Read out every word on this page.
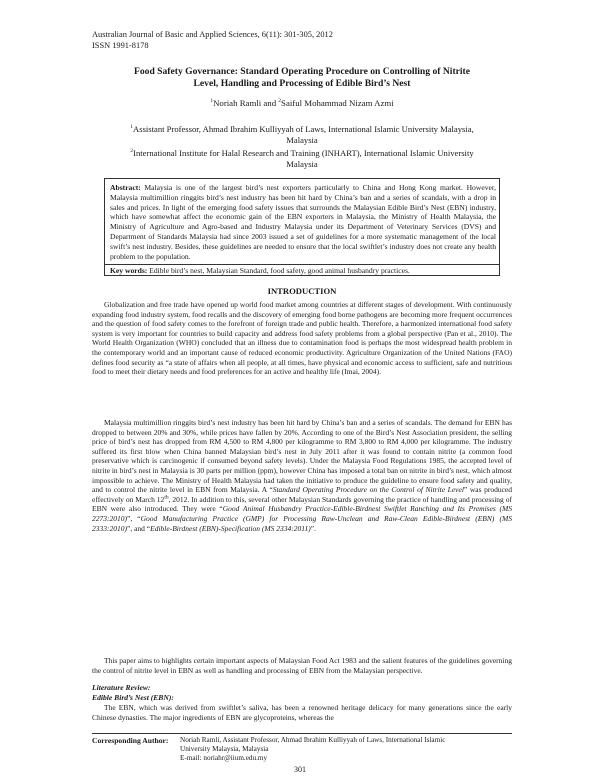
Australian Journal of Basic and Applied Sciences, 6(11): 301-305, 2012
ISSN 1991-8178
Food Safety Governance: Standard Operating Procedure on Controlling of Nitrite
Level, Handling and Processing of Edible Bird’s Nest
$^1$Noriah Ramli and $^2$Saiful Mohammad Nizam Azmi
$^1$Assistant Professor, Ahmad Ibrahim Kulliyyah of Laws, International Islamic University Malaysia,
Malaysia
$^2$International Institute for Halal Research and Training (INHART), International Islamic University
Malaysia
Abstract: Malaysia is one of the largest bird’s nest exporters particularly to China and Hong Kong market. However, Malaysia multimillion ringgits bird’s nest industry has been hit hard by China’s ban and a series of scandals, with a drop in sales and prices. In light of the emerging food safety issues that surrounds the Malaysian Edible Bird’s Nest (EBN) industry, which have somewhat affect the economic gain of the EBN exporters in Malaysia, the Ministry of Health Malaysia, the Ministry of Agriculture and Agro-based and Industry Malaysia under its Department of Veterinary Services (DVS) and Department of Standards Malaysia had since 2003 issued a set of guidelines for a more systematic management of the local swift’s nest industry. Besides, these guidelines are needed to ensure that the local swiftlet’s industry does not create any health problem to the population.
Key words: Edible bird’s nest, Malaysian Standard, food safety, good animal husbandry practices.
INTRODUCTION
Globalization and free trade have opened up world food market among countries at different stages of development. With continuously expanding food industry system, food recalls and the discovery of emerging food borne pathogens are becoming more frequent occurrences and the question of food safety comes to the forefront of foreign trade and public health. Therefore, a harmonized international food safety system is very important for countries to build capacity and address food safety problems from a global perspective (Pan et al., 2010). The World Health Organization (WHO) concluded that an illness due to contamination food is perhaps the most widespread health problem in the contemporary world and an important cause of reduced economic productivity. Agriculture Organization of the United Nations (FAO) defines food security as “a state of affairs when all people, at all times, have physical and economic access to sufficient, safe and nutritious food to meet their dietary needs and food preferences for an active and healthy life (Imai, 2004).
Malaysia multimillion ringgits bird’s nest industry has been hit hard by China’s ban and a series of scandals. The demand for EBN has dropped to between 20% and 30%, while prices have fallen by 20%. According to one of the Bird’s Nest Association president, the selling price of bird’s nest has dropped from RM 4,500 to RM 4,800 per kilogramme to RM 3,800 to RM 4,000 per kilogramme. The industry suffered its first blow when China banned Malaysian bird’s nest in July 2011 after it was found to contain nitrite (a common food preservative which is carcinogenic if consumed beyond safety levels). Under the Malaysia Food Regulations 1985, the accepted level of nitrite in bird’s nest in Malaysia is 30 parts per million (ppm), however China has imposed a total ban on nitrite in bird’s nest, which almost impossible to achieve. The Ministry of Health Malaysia had taken the initiative to produce the guideline to ensure food safety and quality, and to control the nitrite level in EBN from Malaysia. A “Standard Operating Procedure on the Control of Nitrite Level” was produced effectively on March 12th, 2012. In addition to this, several other Malaysian Standards governing the practice of handling and processing of EBN were also introduced. They were “Good Animal Husbandry Practice-Edible-Birdnest Swiftlet Ranching and Its Premises (MS 2273:2010)”, “Good Manufacturing Practice (GMP) for Processing Raw-Unclean and Raw-Clean Edible-Birdnest (EBN) (MS 2333:2010)”, and “Edible-Birdnest (EBN)-Specification (MS 2334:2011)”.
This paper aims to highlights certain important aspects of Malaysian Food Act 1983 and the salient features of the guidelines governing the control of nitrite level in EBN as well as handling and processing of EBN from the Malaysian perspective.
Literature Review:
Edible Bird’s Nest (EBN):
The EBN, which was derived from swiftlet’s saliva, has been a renowned heritage delicacy for many generations since the early Chinese dynasties. The major ingredients of EBN are glycoproteins, whereas the
Corresponding Author: Noriah Ramli, Assistant Professor, Ahmad Ibrahim Kulliyyah of Laws, International Islamic
University Malaysia, Malaysia
E-mail: noriahr@iium.edu.my
301
